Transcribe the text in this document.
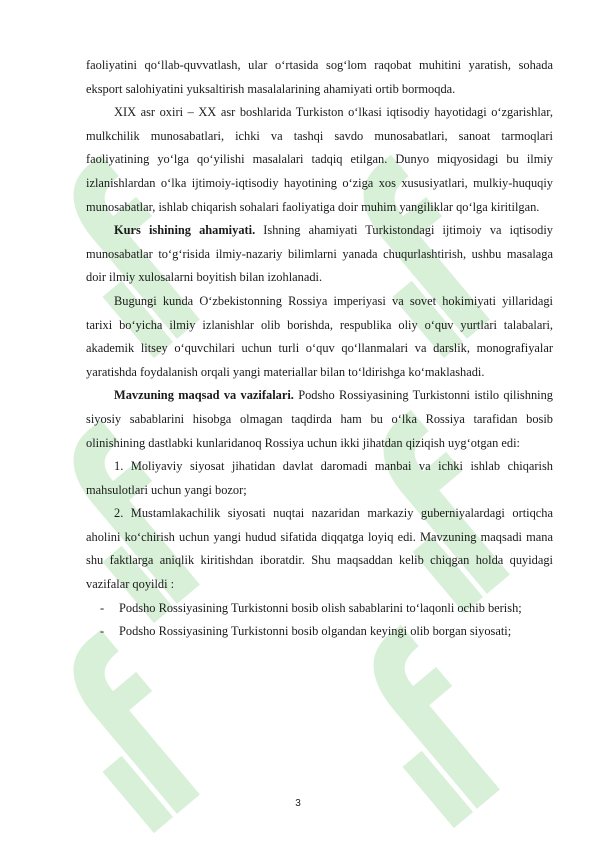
faoliyatini qo‘llab-quvvatlash, ular o‘rtasida sog‘lom raqobat muhitini yaratish, sohada eksport salohiyatini yuksaltirish masalalarining ahamiyati ortib bormoqda.

XIX asr oxiri – XX asr boshlarida Turkiston o‘lkasi iqtisodiy hayotidagi o‘zgarishlar, mulkchilik munosabatlari, ichki va tashqi savdo munosabatlari, sanoat tarmoqlari faoliyatining yo‘lga qo‘yilishi masalalari tadqiq etilgan. Dunyo miqyosidagi bu ilmiy izlanishlardan o‘lka ijtimoiy-iqtisodiy hayotining o‘ziga xos xususiyatlari, mulkiy-huquqiy munosabatlar, ishlab chiqarish sohalari faoliyatiga doir muhim yangiliklar qo‘lga kiritilgan.

Kurs ishining ahamiyati. Ishning ahamiyati Turkistondagi ijtimoiy va iqtisodiy munosabatlar to‘g‘risida ilmiy-nazariy bilimlarni yanada chuqurlashtirish, ushbu masalaga doir ilmiy xulosalarni boyitish bilan izohlanadi.

Bugungi kunda O‘zbekistonning Rossiya imperiyasi va sovet hokimiyati yillaridagi tarixi bo‘yicha ilmiy izlanishlar olib borishda, respublika oliy o‘quv yurtlari talabalari, akademik litsey o‘quvchilari uchun turli o‘quv qo‘llanmalari va darslik, monografiyalar yaratishda foydalanish orqali yangi materiallar bilan to‘ldirishga ko‘maklashadi.

Mavzuning maqsad va vazifalari. Podsho Rossiyasining Turkistonni istilo qilishning siyosiy sabablarini hisobga olmagan taqdirda ham bu o‘lka Rossiya tarafidan bosib olinishining dastlabki kunlaridanoq Rossiya uchun ikki jihatdan qiziqish uyg‘otgan edi:

1. Moliyaviy siyosat jihatidan davlat daromadi manbai va ichki ishlab chiqarish mahsulotlari uchun yangi bozor;

2. Mustamlakachilik siyosati nuqtai nazaridan markaziy guberniyalardagi ortiqcha aholini ko‘chirish uchun yangi hudud sifatida diqqatga loyiq edi. Mavzuning maqsadi mana shu faktlarga aniqlik kiritishdan iboratdir. Shu maqsaddan kelib chiqgan holda quyidagi vazifalar qoyildi :

- Podsho Rossiyasining Turkistonni bosib olish sabablarini to‘laqonli ochib berish;
- Podsho Rossiyasining Turkistonni bosib olgandan keyingi olib borgan siyosati;
3
